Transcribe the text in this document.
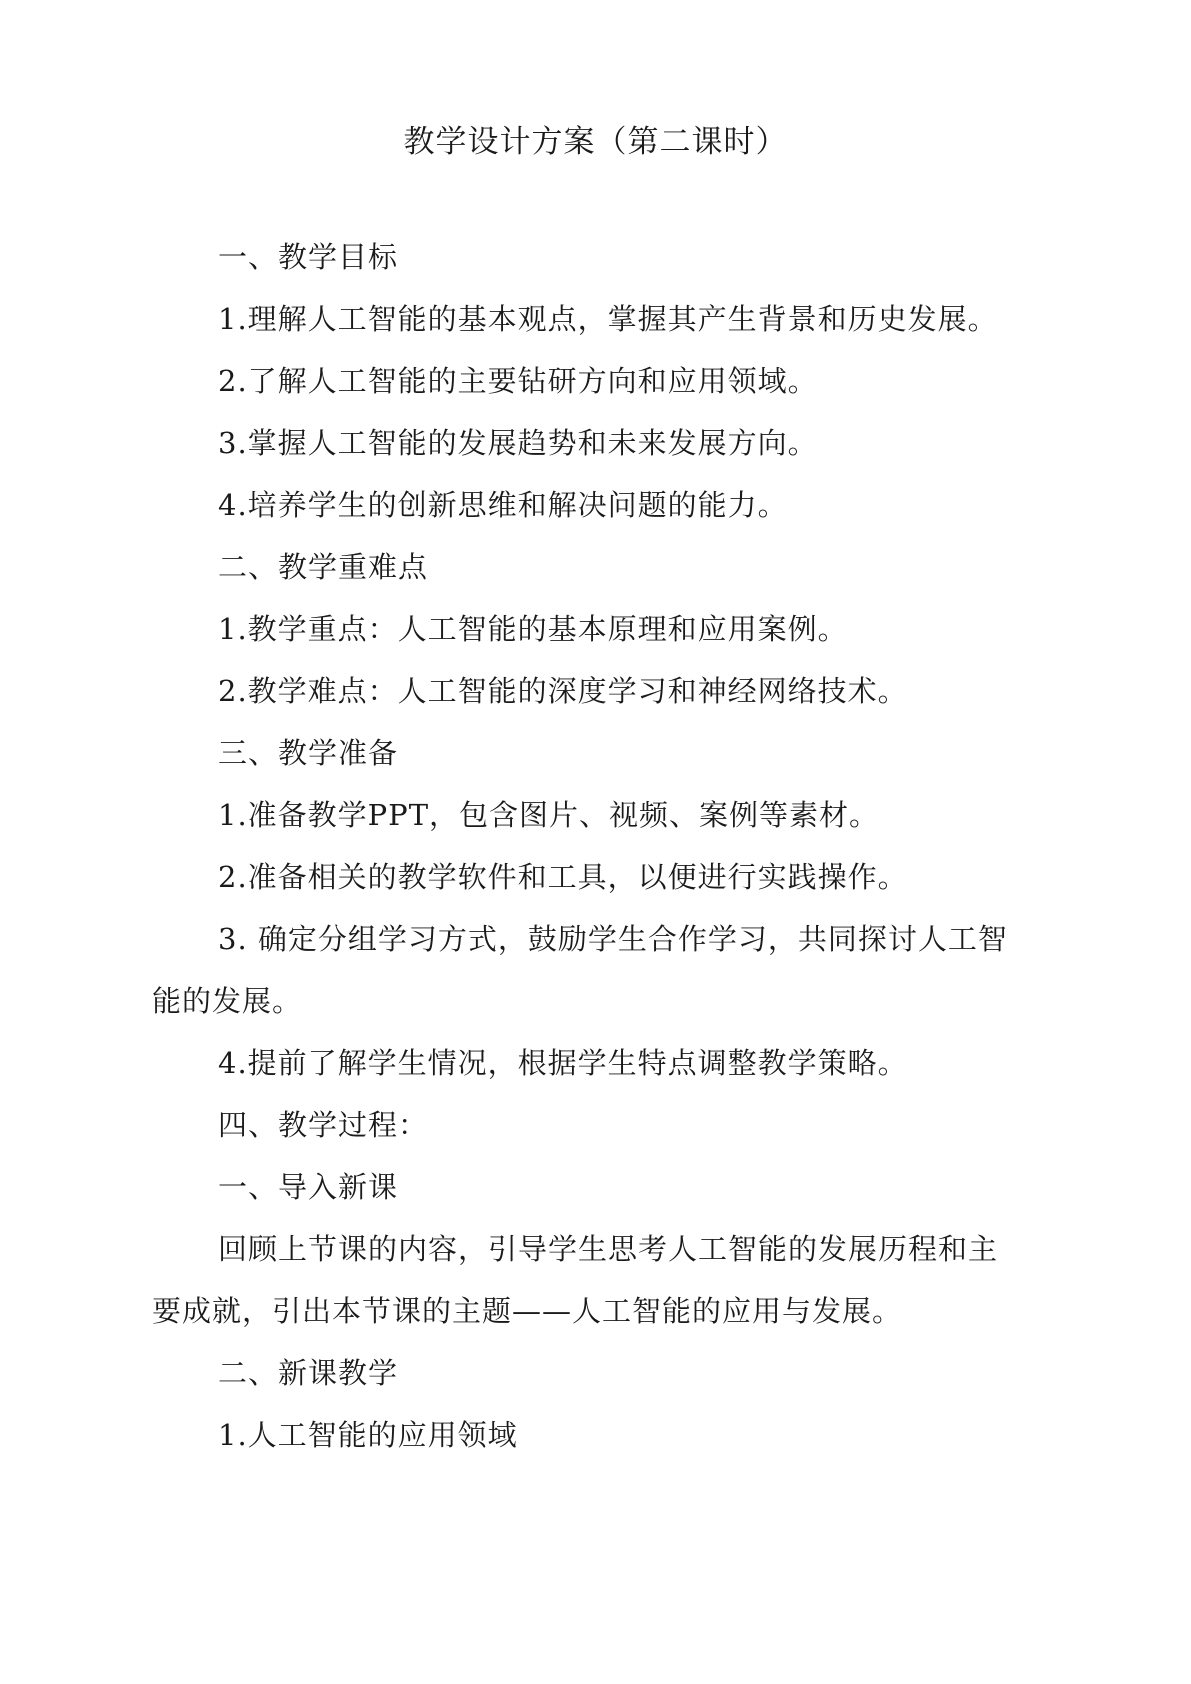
教学设计方案（第二课时）
一、教学目标
1.理解人工智能的基本观点，掌握其产生背景和历史发展。
2.了解人工智能的主要钻研方向和应用领域。
3.掌握人工智能的发展趋势和未来发展方向。
4.培养学生的创新思维和解决问题的能力。
二、教学重难点
1.教学重点：人工智能的基本原理和应用案例。
2.教学难点：人工智能的深度学习和神经网络技术。
三、教学准备
1.准备教学PPT，包含图片、视频、案例等素材。
2.准备相关的教学软件和工具，以便进行实践操作。
3. 确定分组学习方式，鼓励学生合作学习，共同探讨人工智
能的发展。
4.提前了解学生情况，根据学生特点调整教学策略。
四、教学过程：
一、导入新课
回顾上节课的内容，引导学生思考人工智能的发展历程和主
要成就，引出本节课的主题——人工智能的应用与发展。
二、新课教学
1.人工智能的应用领域
